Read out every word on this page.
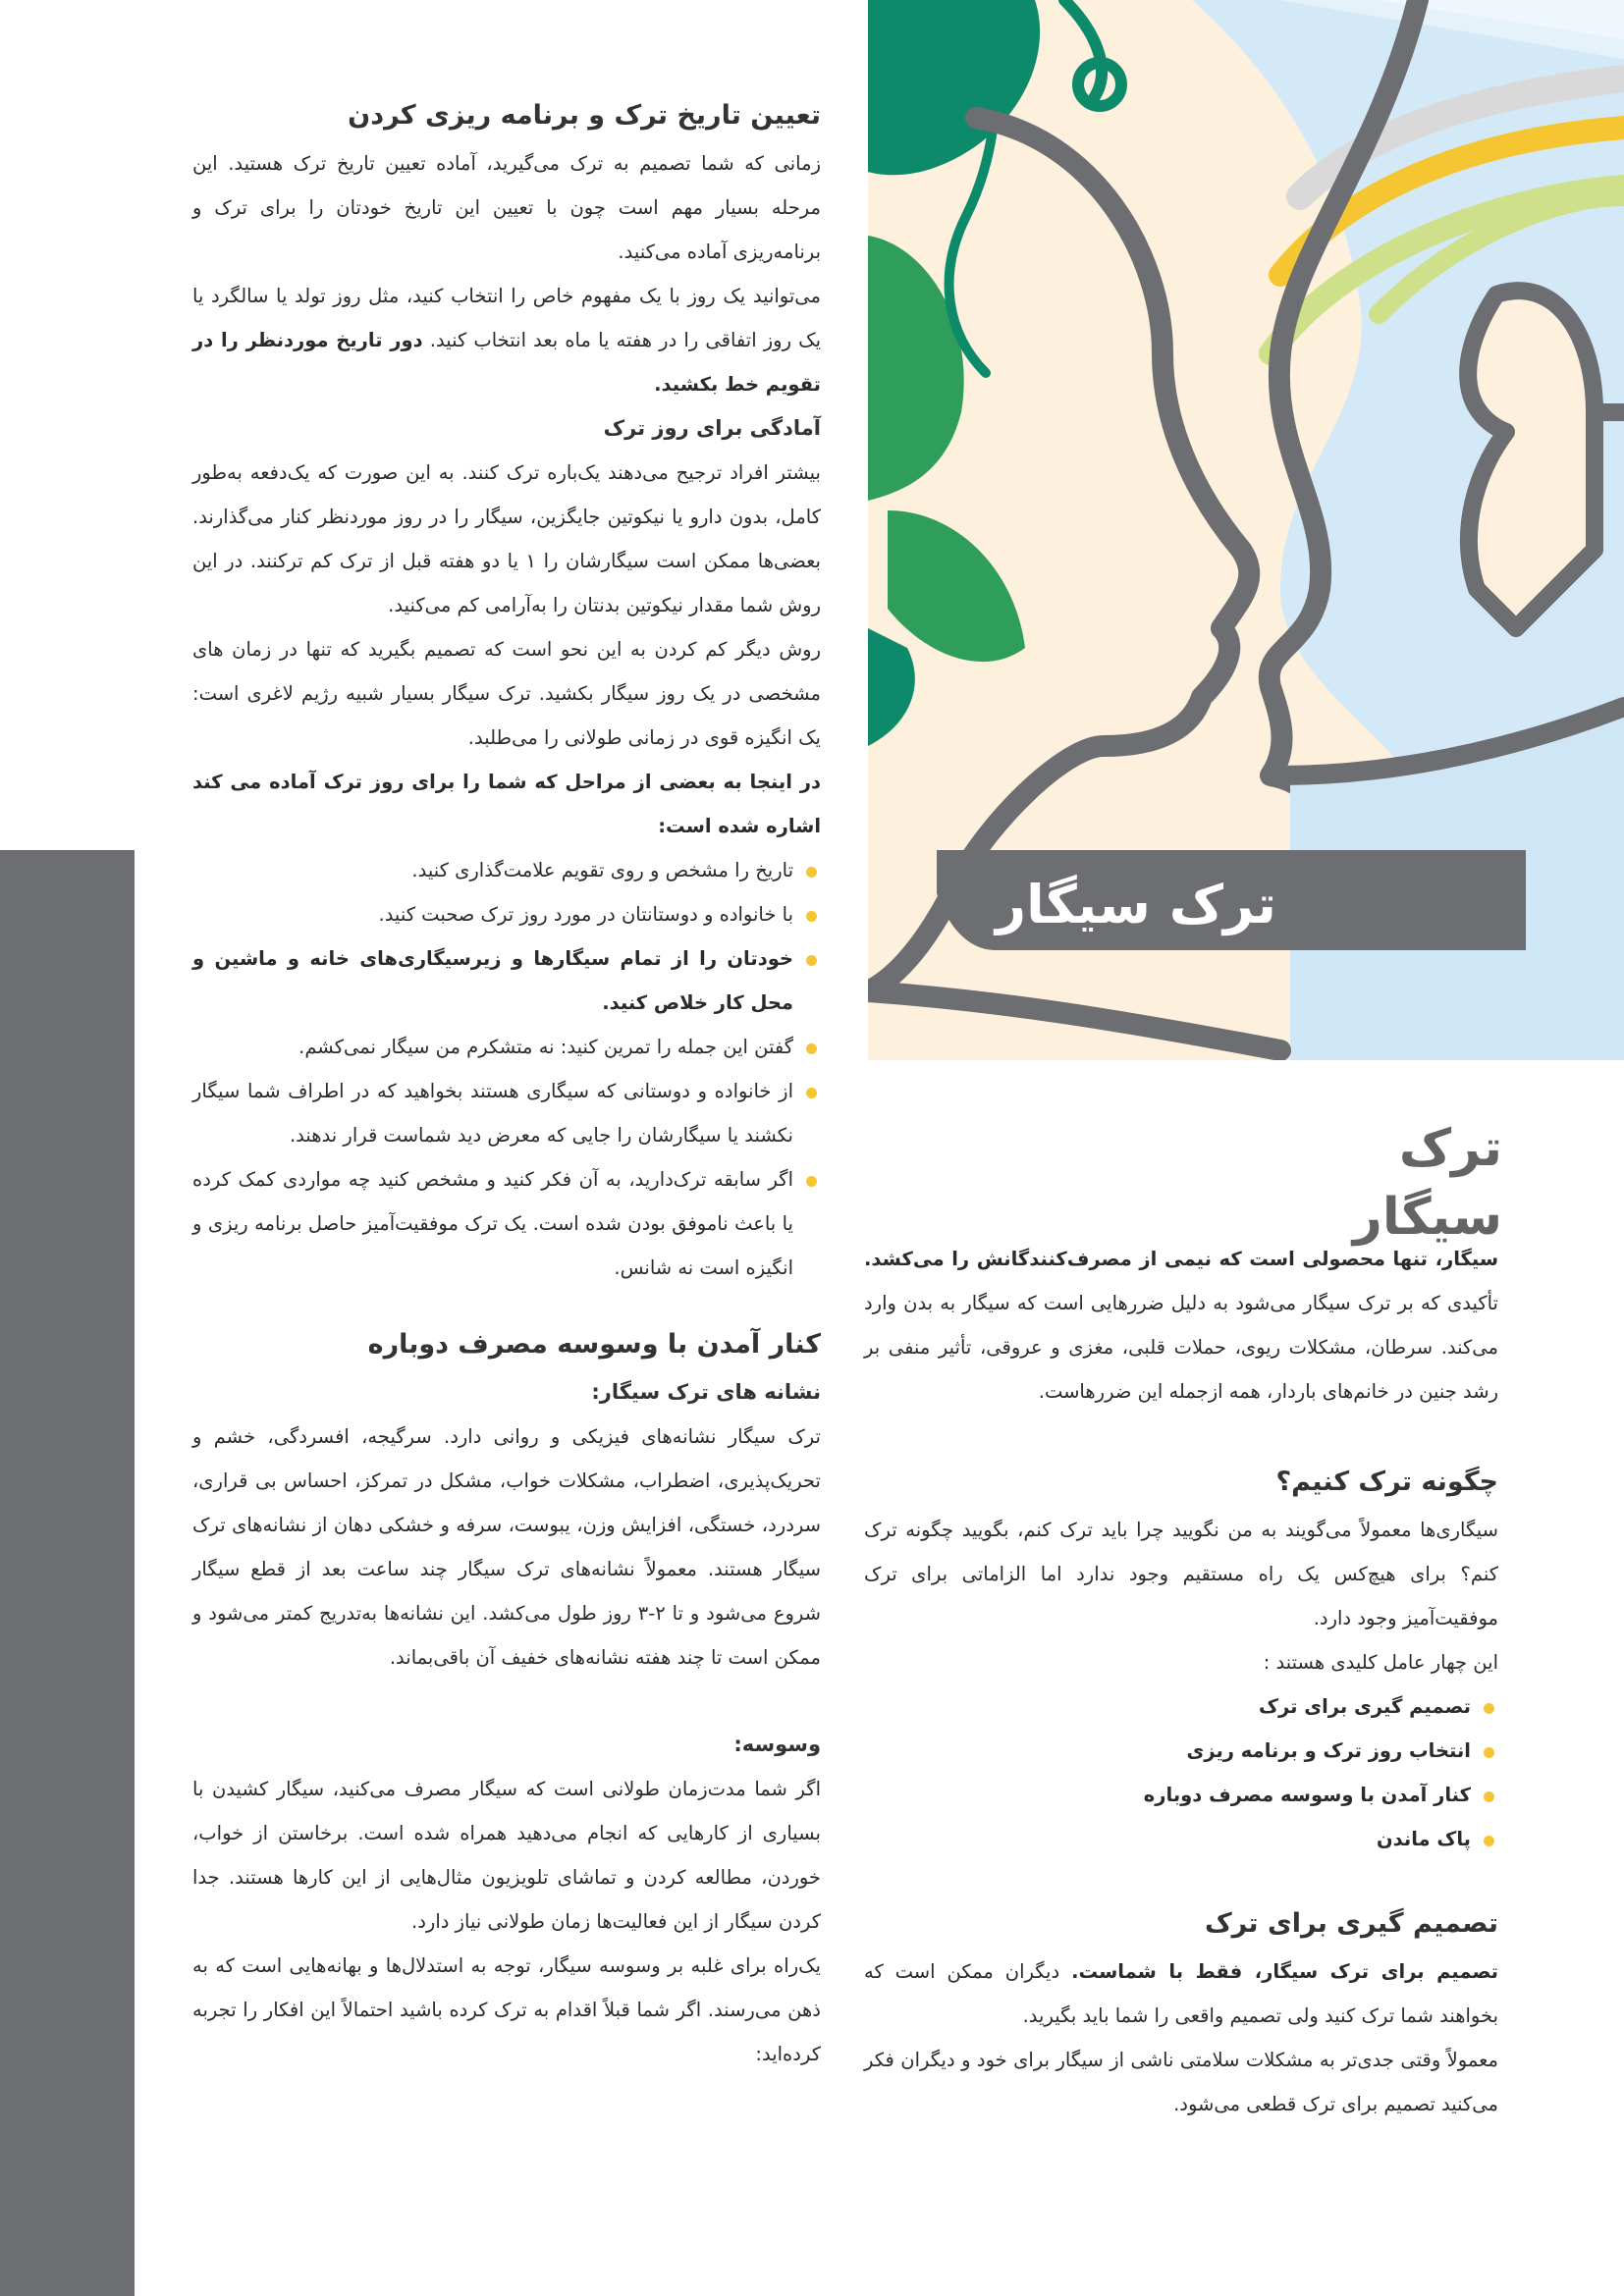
ترک سیگار
ترک سیگار

سیگار، تنها محصولی است که نیمی از مصرف‌کنندگانش را می‌کشد. تأکیدی که بر ترک سیگار می‌شود به دلیل ضررهایی است که سیگار به بدن وارد می‌کند. سرطان، مشکلات ریوی، حملات قلبی، مغزی و عروقی، تأثیر منفی بر رشد جنین در خانم‌های باردار، همه ازجمله این ضررهاست.

چگونه ترک کنیم؟

سیگاری‌ها معمولاً می‌گویند به من نگویید چرا باید ترک کنم، بگویید چگونه ترک کنم؟ برای هیچ‌کس یک راه مستقیم وجود ندارد اما الزاماتی برای ترک موفقیت‌آمیز وجود دارد.

این چهار عامل کلیدی هستند :

تصمیم گیری برای ترک
انتخاب روز ترک و برنامه ریزی
کنار آمدن با وسوسه مصرف دوباره
پاک ماندن

تصمیم گیری برای ترک

تصمیم برای ترک سیگار، فقط با شماست. دیگران ممکن است که بخواهند شما ترک کنید ولی تصمیم واقعی را شما باید بگیرید.

معمولاً وقتی جدی‌تر به مشکلات سلامتی ناشی از سیگار برای خود و دیگران فکر می‌کنید تصمیم برای ترک قطعی می‌شود.

تعیین تاریخ ترک و برنامه ریزی کردن

زمانی که شما تصمیم به ترک می‌گیرید، آماده تعیین تاریخ ترک هستید. این مرحله بسیار مهم است چون با تعیین این تاریخ خودتان را برای ترک و برنامه‌ریزی آماده می‌کنید.

می‌توانید یک روز با یک مفهوم خاص را انتخاب کنید، مثل روز تولد یا سالگرد یا یک روز اتفاقی را در هفته یا ماه بعد انتخاب کنید. دور تاریخ موردنظر را در تقویم خط بکشید.

آمادگی برای روز ترک

بیشتر افراد ترجیح می‌دهند یک‌باره ترک کنند. به این صورت که یک‌دفعه به‌طور کامل، بدون دارو یا نیکوتین جایگزین، سیگار را در روز موردنظر کنار می‌گذارند. بعضی‌ها ممکن است سیگارشان را ۱ یا دو هفته قبل از ترک کم ترکنند. در این روش شما مقدار نیکوتین بدنتان را به‌آرامی کم می‌کنید.

روش دیگر کم کردن به این نحو است که تصمیم بگیرید که تنها در زمان های مشخصی در یک روز سیگار بکشید. ترک سیگار بسیار شبیه رژیم لاغری است: یک انگیزه قوی در زمانی طولانی را می‌طلبد.

در اینجا به بعضی از مراحل که شما را برای روز ترک آماده می کند اشاره شده است:

تاریخ را مشخص و روی تقویم علامت‌گذاری کنید.
با خانواده و دوستانتان در مورد روز ترک صحبت کنید.
خودتان را از تمام سیگارها و زیرسیگاری‌های خانه و ماشین و محل کار خلاص کنید.
گفتن این جمله را تمرین کنید: نه متشکرم من سیگار نمی‌کشم.
از خانواده و دوستانی که سیگاری هستند بخواهید که در اطراف شما سیگار نکشند یا سیگارشان را جایی که معرض دید شماست قرار ندهند.
اگر سابقه ترک‌دارید، به آن فکر کنید و مشخص کنید چه مواردی کمک کرده یا باعث ناموفق بودن شده است. یک ترک موفقیت‌آمیز حاصل برنامه ریزی و انگیزه است نه شانس.

کنار آمدن با وسوسه مصرف دوباره

نشانه های ترک سیگار:

ترک سیگار نشانه‌های فیزیکی و روانی دارد. سرگیجه، افسردگی، خشم و تحریک‌پذیری، اضطراب، مشکلات خواب، مشکل در تمرکز، احساس بی قراری، سردرد، خستگی، افزایش وزن، یبوست، سرفه و خشکی دهان از نشانه‌های ترک سیگار هستند. معمولاً نشانه‌های ترک سیگار چند ساعت بعد از قطع سیگار شروع می‌شود و تا ۲-۳ روز طول می‌کشد. این نشانه‌ها به‌تدریج کمتر می‌شود و ممکن است تا چند هفته نشانه‌های خفیف آن باقی‌بماند.

وسوسه:

اگر شما مدت‌زمان طولانی است که سیگار مصرف می‌کنید، سیگار کشیدن با بسیاری از کارهایی که انجام می‌دهید همراه شده است. برخاستن از خواب، خوردن، مطالعه کردن و تماشای تلویزیون مثال‌هایی از این کارها هستند. جدا کردن سیگار از این فعالیت‌ها زمان طولانی نیاز دارد.

یک‌راه برای غلبه بر وسوسه سیگار، توجه به استدلال‌ها و بهانه‌هایی است که به ذهن می‌رسند. اگر شما قبلاً اقدام به ترک کرده باشید احتمالاً این افکار را تجربه کرده‌اید:
